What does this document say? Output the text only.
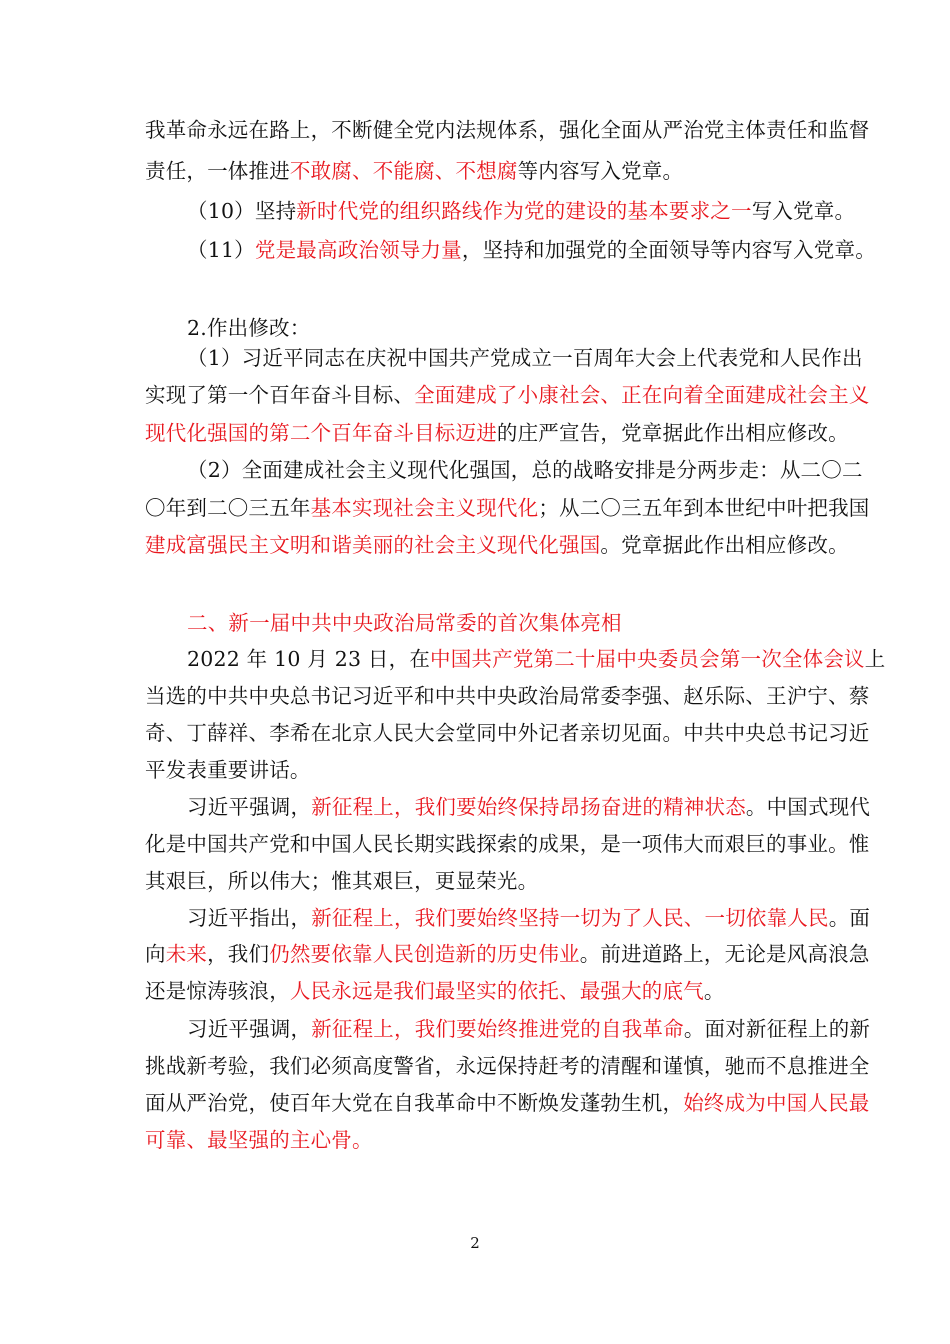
我革命永远在路上，不断健全党内法规体系，强化全面从严治党主体责任和监督
责任，一体推进不敢腐、不能腐、不想腐等内容写入党章。
（10）坚持新时代党的组织路线作为党的建设的基本要求之一写入党章。
（11）党是最高政治领导力量，坚持和加强党的全面领导等内容写入党章。
2.作出修改：
（1）习近平同志在庆祝中国共产党成立一百周年大会上代表党和人民作出
实现了第一个百年奋斗目标、全面建成了小康社会、正在向着全面建成社会主义
现代化强国的第二个百年奋斗目标迈进的庄严宣告，党章据此作出相应修改。
（2）全面建成社会主义现代化强国，总的战略安排是分两步走：从二〇二
〇年到二〇三五年基本实现社会主义现代化；从二〇三五年到本世纪中叶把我国
建成富强民主文明和谐美丽的社会主义现代化强国。党章据此作出相应修改。
二、新一届中共中央政治局常委的首次集体亮相
2022 年 10 月 23 日，在中国共产党第二十届中央委员会第一次全体会议上
当选的中共中央总书记习近平和中共中央政治局常委李强、赵乐际、王沪宁、蔡
奇、丁薛祥、李希在北京人民大会堂同中外记者亲切见面。中共中央总书记习近
平发表重要讲话。
习近平强调，新征程上，我们要始终保持昂扬奋进的精神状态。中国式现代
化是中国共产党和中国人民长期实践探索的成果，是一项伟大而艰巨的事业。惟
其艰巨，所以伟大；惟其艰巨，更显荣光。
习近平指出，新征程上，我们要始终坚持一切为了人民、一切依靠人民。面
向未来，我们仍然要依靠人民创造新的历史伟业。前进道路上，无论是风高浪急
还是惊涛骇浪，人民永远是我们最坚实的依托、最强大的底气。
习近平强调，新征程上，我们要始终推进党的自我革命。面对新征程上的新
挑战新考验，我们必须高度警省，永远保持赶考的清醒和谨慎，驰而不息推进全
面从严治党，使百年大党在自我革命中不断焕发蓬勃生机，始终成为中国人民最
可靠、最坚强的主心骨。
2
